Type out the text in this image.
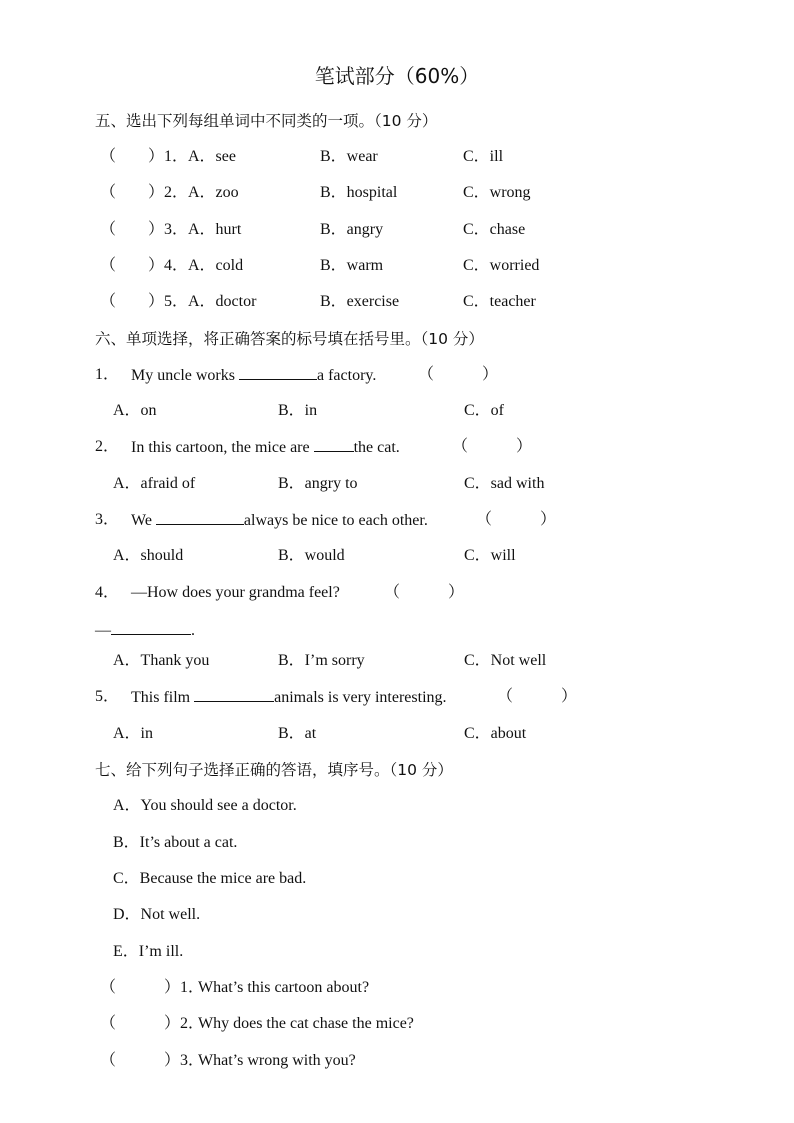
笔试部分（60%）
五、选出下列每组单词中不同类的一项。（10 分）
（　　）1． A．see	B．wear	C．ill
（　　）2． A．zoo	B．hospital	C．wrong
（　　）3． A．hurt	B．angry	C．chase
（　　）4． A．cold	B．warm	C．worried
（　　）5． A．doctor	B．exercise	C．teacher
六、单项选择，将正确答案的标号填在括号里。（10 分）
1． My uncle works	a factory.	（　　　）
A．on	B．in	C．of
2． In this cartoon, the mice are	the cat.	（　　　）
A．afraid of	B．angry to	C．sad with
3． We	always be nice to each other.	（　　　）
A．should	B．would	C．will
4． —How does your grandma feel?	（　　　）
—	.
A．Thank you	B．I’m sorry	C．Not well
5． This film	animals is very interesting.	（　　　）
A．in	B．at	C．about
七、给下列句子选择正确的答语，填序号。（10 分）
A．You should see a doctor.
B．It’s about a cat.
C．Because the mice are bad.
D．Not well.
E．I’m ill.
（　　　）1．
What’s this cartoon about?
（　　　）2．
Why does the cat chase the mice?
（　　　）3．
What’s wrong with you?
